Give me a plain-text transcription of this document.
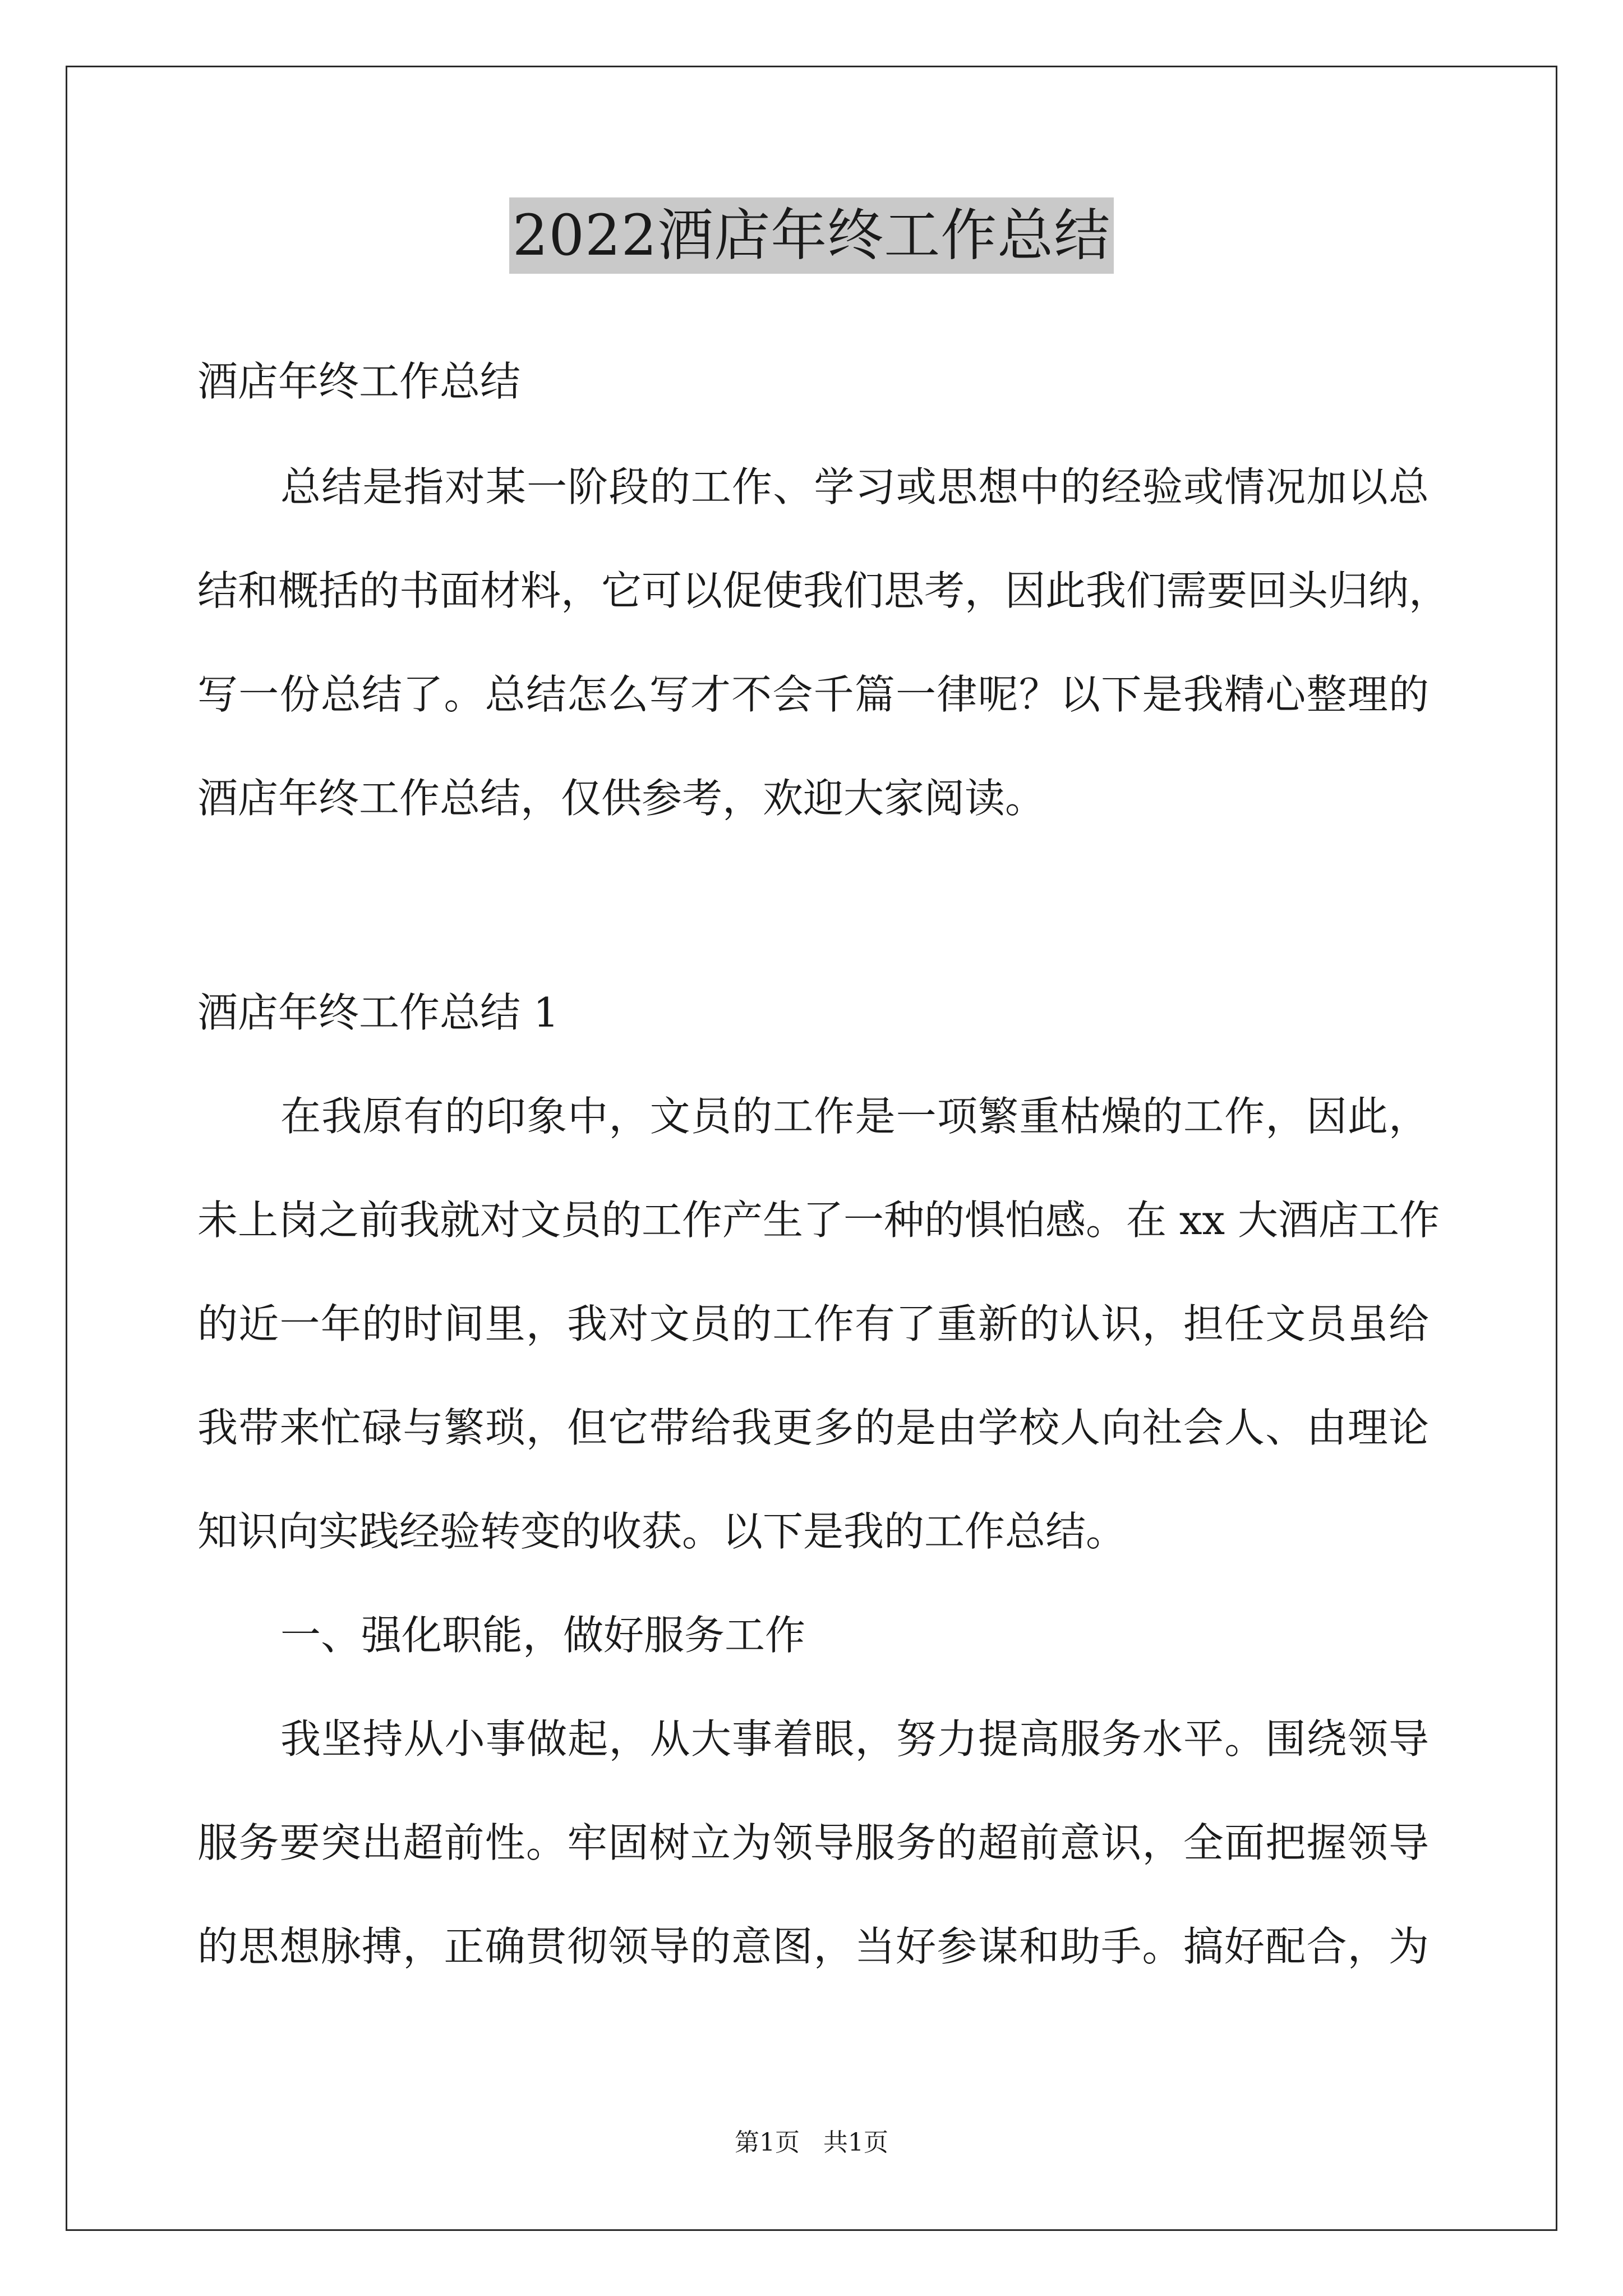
2022酒店年终工作总结
酒店年终工作总结
总结是指对某一阶段的工作、学习或思想中的经验或情况加以总
结和概括的书面材料，它可以促使我们思考，因此我们需要回头归纳，
写一份总结了。总结怎么写才不会千篇一律呢？以下是我精心整理的
酒店年终工作总结，仅供参考，欢迎大家阅读。
酒店年终工作总结 1
在我原有的印象中，文员的工作是一项繁重枯燥的工作，因此，
未上岗之前我就对文员的工作产生了一种的惧怕感。在 xx 大酒店工作
的近一年的时间里，我对文员的工作有了重新的认识，担任文员虽给
我带来忙碌与繁琐，但它带给我更多的是由学校人向社会人、由理论
知识向实践经验转变的收获。以下是我的工作总结。
一、强化职能，做好服务工作
我坚持从小事做起，从大事着眼，努力提高服务水平。围绕领导
服务要突出超前性。牢固树立为领导服务的超前意识，全面把握领导
的思想脉搏，正确贯彻领导的意图，当好参谋和助手。搞好配合，为
第1页   共1页
